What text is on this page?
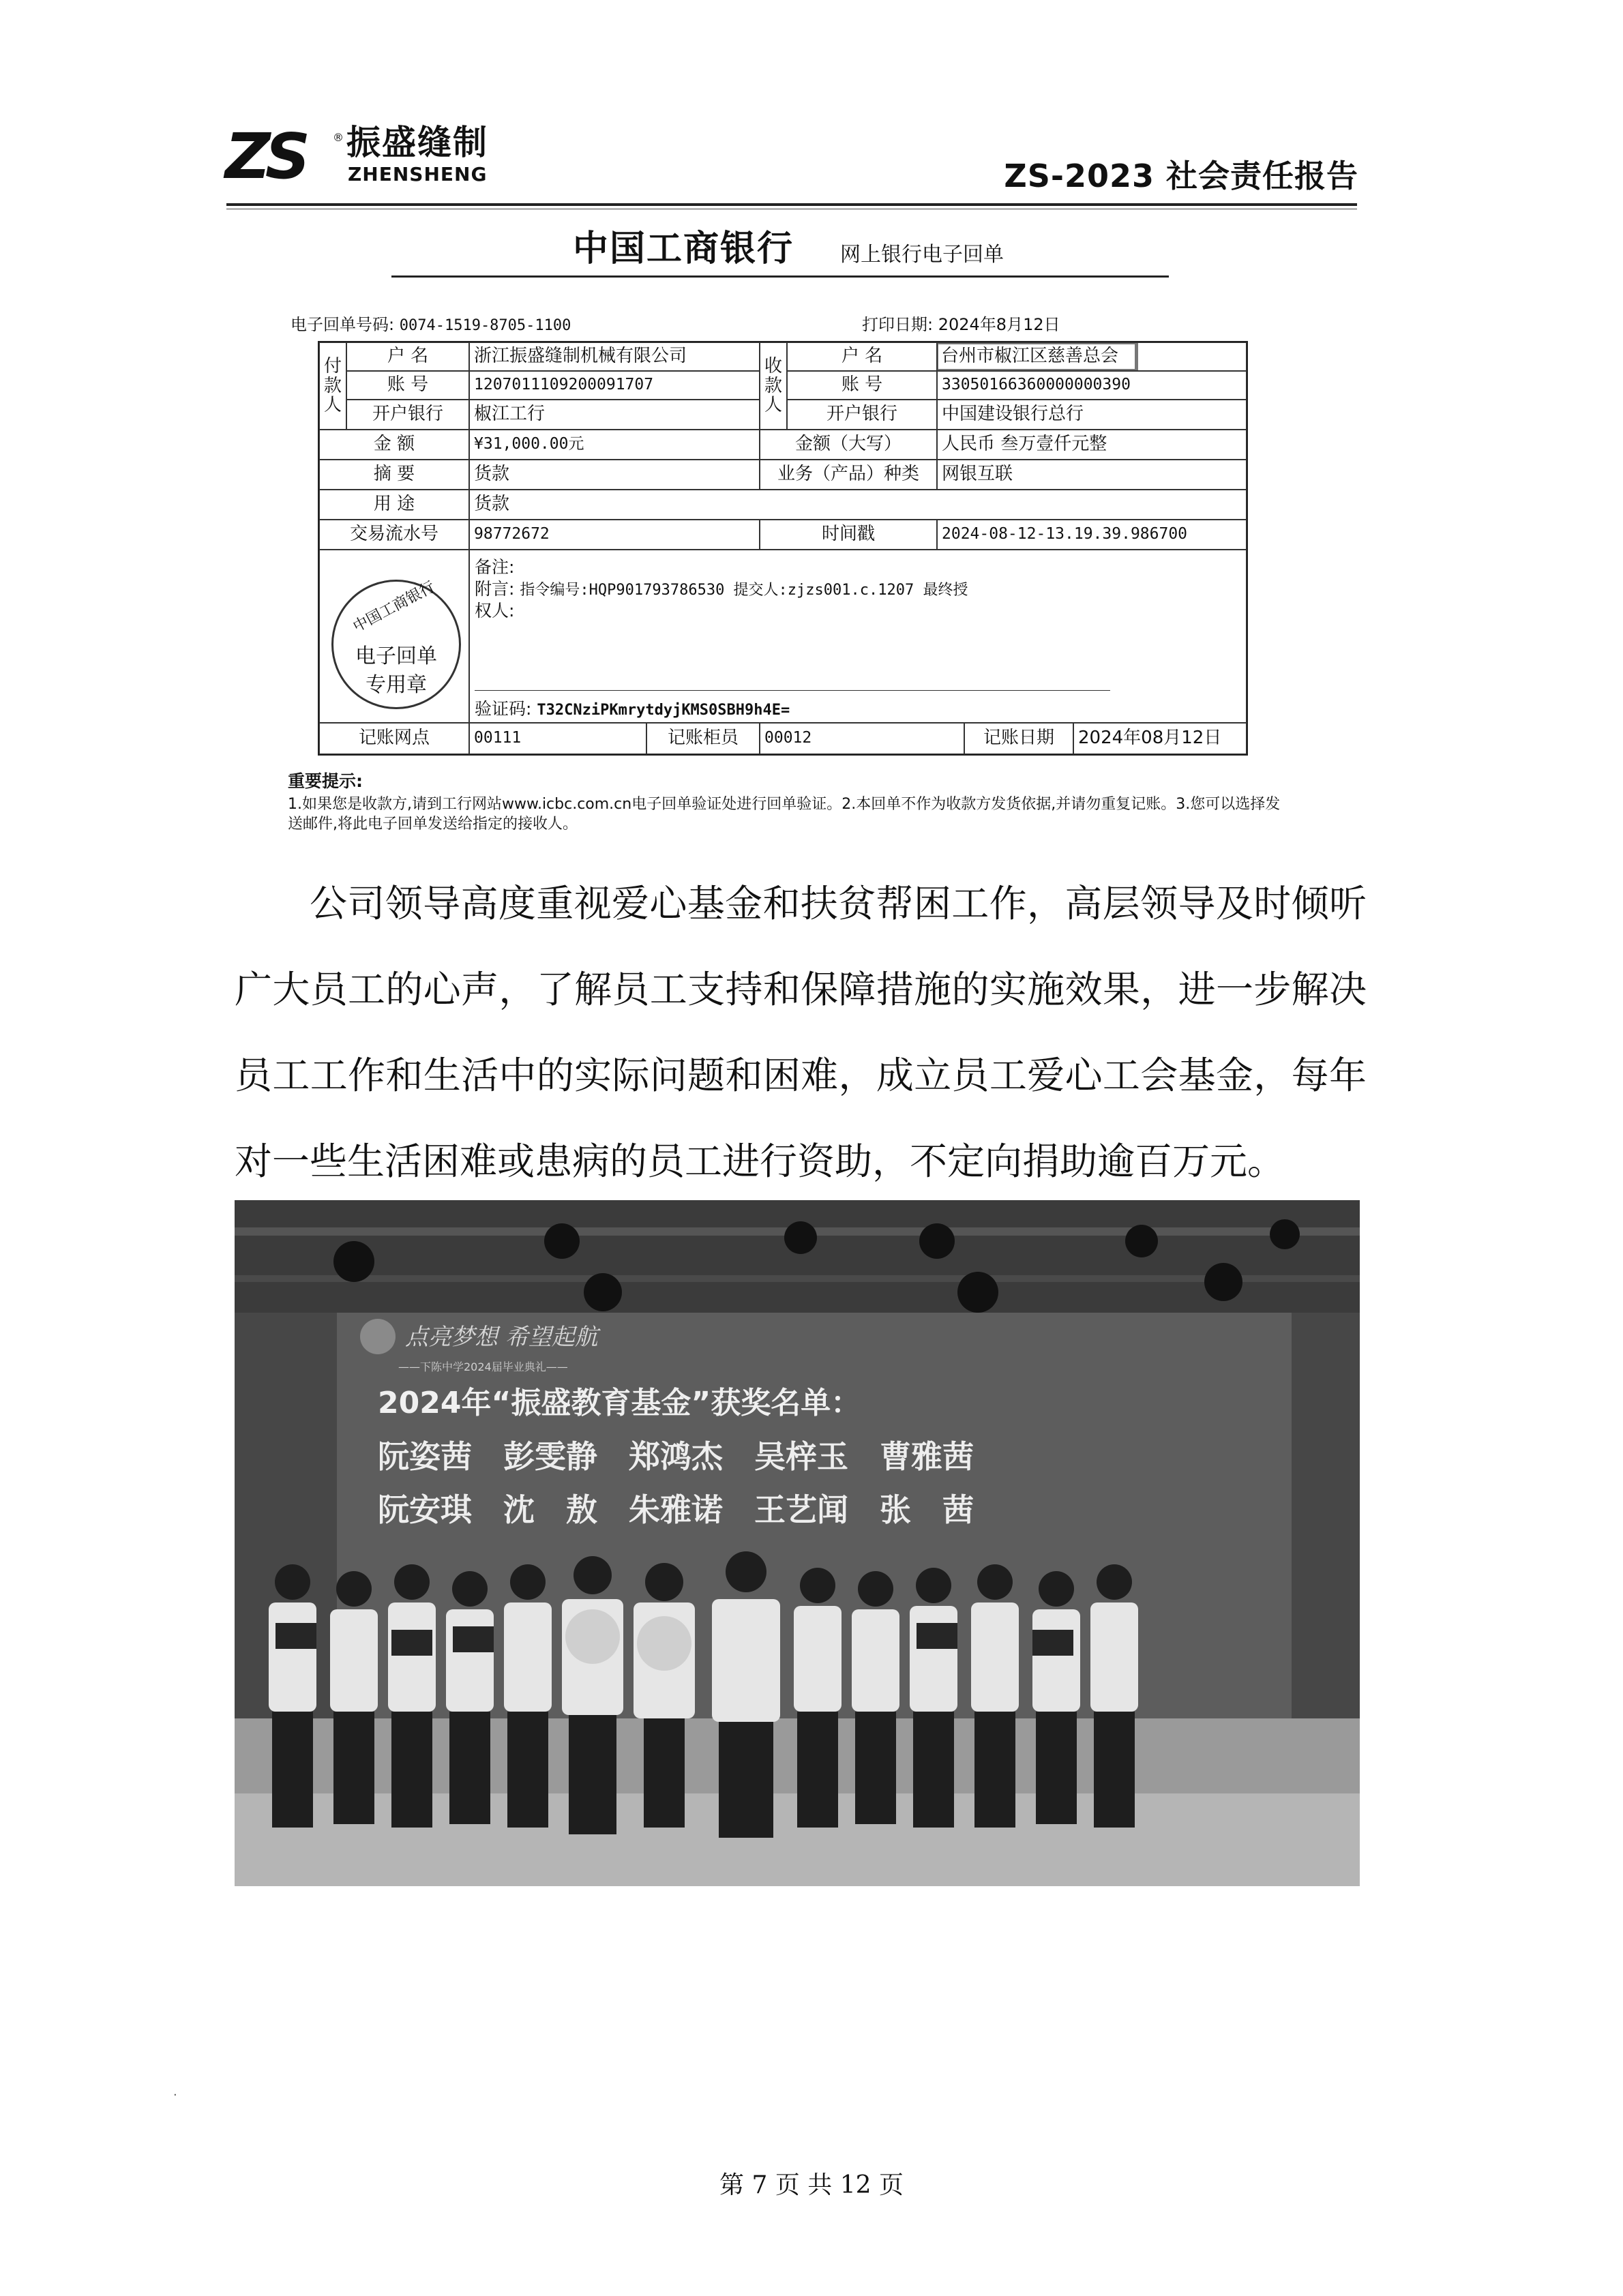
ZS	® 振盛缝制
ZHENSHENG	ZS-2023 社会责任报告
中国工商银行 网上银行电子回单
电子回单号码: 0074-1519-8705-1100	打印日期: 2024年8月12日
付款人
户 名	浙江振盛缝制机械有限公司
账 号	1207011109200091707
开户银行	椒江工行
收款人
户 名	台州市椒江区慈善总会
账 号	33050166360000000390
开户银行	中国建设银行总行
金 额	¥31,000.00元	金额（大写）	人民币 叁万壹仟元整
摘 要	货款	业务（产品）种类	网银互联
用 途	货款
交易流水号	98772672	时间戳	2024-08-12-13.19.39.986700
中国工商银行
电子回单
专用章
备注:
附言: 指令编号:HQP901793786530 提交人:zjzs001.c.1207 最终授
权人:
验证码: T32CNziPKmrytdyjKMS0SBH9h4E=
记账网点	00111	记账柜员	00012	记账日期	2024年08月12日
重要提示:
1.如果您是收款方,请到工行网站www.icbc.com.cn电子回单验证处进行回单验证。2.本回单不作为收款方发货依据,并请勿重复记账。3.您可以选择发送邮件,将此电子回单发送给指定的接收人。

公司领导高度重视爱心基金和扶贫帮困工作，高层领导及时倾听广大员工的心声，了解员工支持和保障措施的实施效果，进一步解决员工工作和生活中的实际问题和困难，成立员工爱心工会基金，每年对一些生活困难或患病的员工进行资助，不定向捐助逾百万元。

点亮梦想 希望起航
——下陈中学2024届毕业典礼——
2024年“振盛教育基金”获奖名单：
阮姿茜　彭雯静　郑鸿杰　吴梓玉　曹雅茜
阮安琪　沈　敖　朱雅诺　王艺闻　张　茜
·
第 7 页 共 12 页
